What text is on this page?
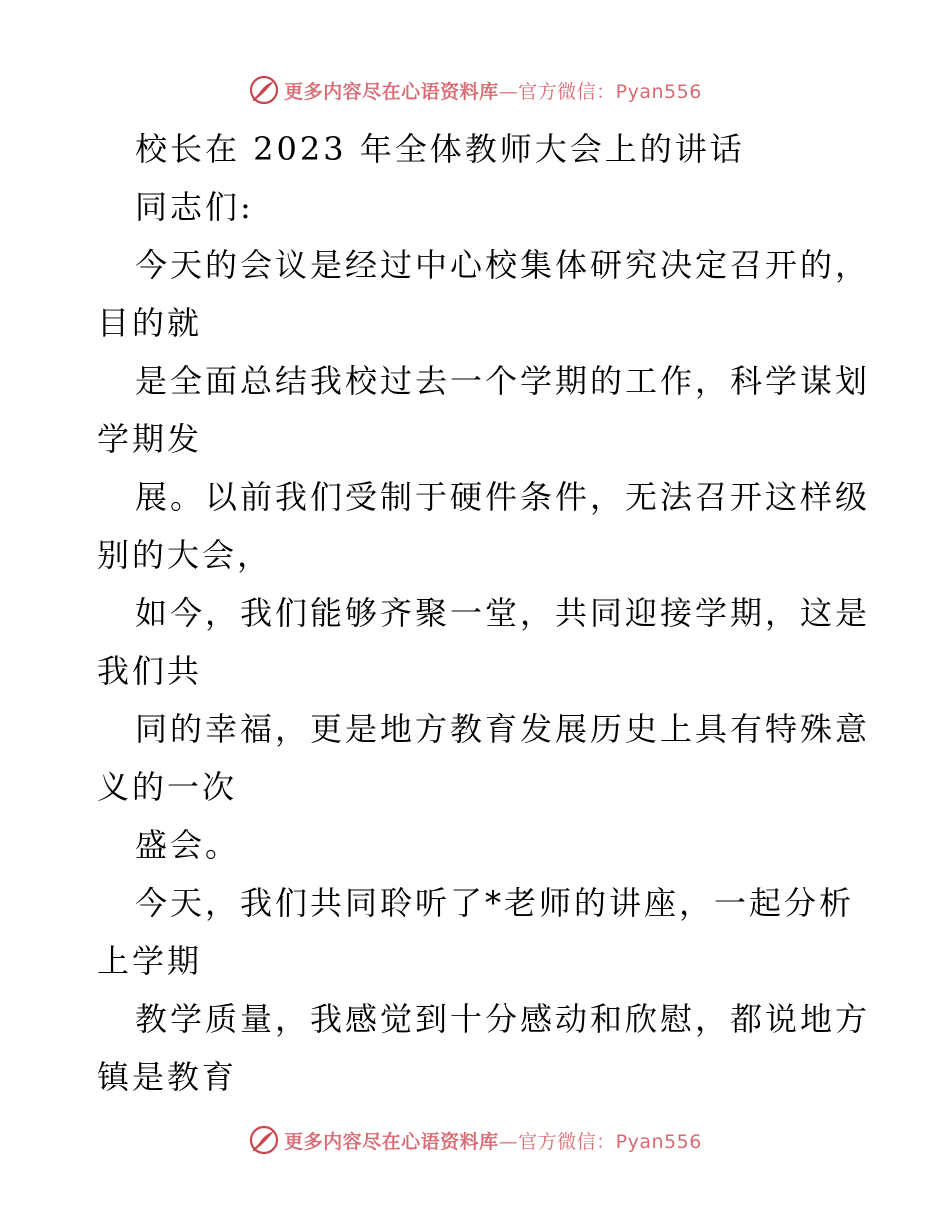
更多内容尽在心语资料库—官方微信：Pyan556
校长在 2023 年全体教师大会上的讲话
同志们:
今天的会议是经过中心校集体研究决定召开的，
目的就
是全面总结我校过去一个学期的工作，科学谋划
学期发
展。以前我们受制于硬件条件，无法召开这样级
别的大会，
如今，我们能够齐聚一堂，共同迎接学期，这是
我们共
同的幸福，更是地方教育发展历史上具有特殊意
义的一次
盛会。
今天，我们共同聆听了*老师的讲座，一起分析
上学期
教学质量，我感觉到十分感动和欣慰，都说地方
镇是教育
更多内容尽在心语资料库—官方微信：Pyan556
